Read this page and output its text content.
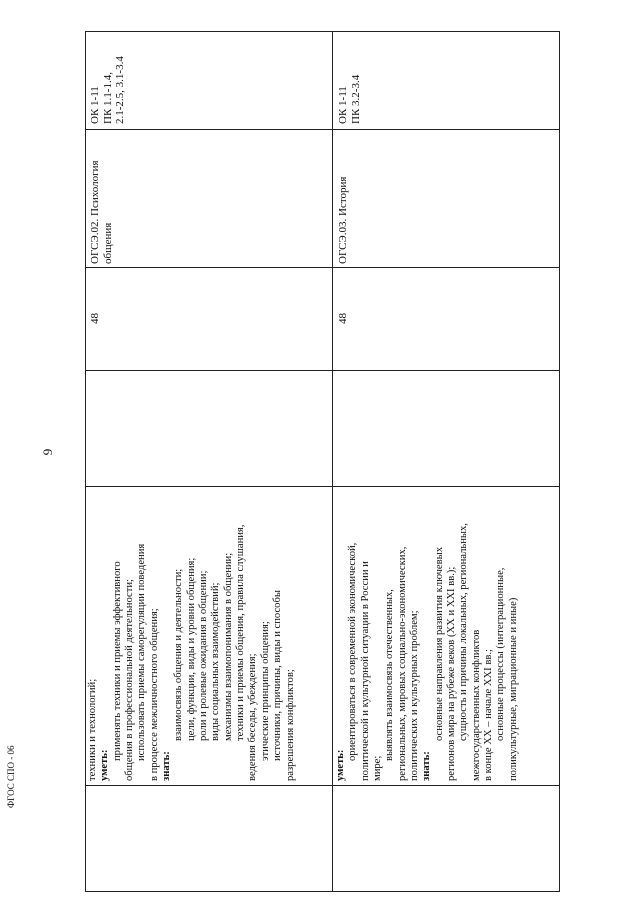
9
ФГОС СПО - 06	техники и технологий; уметь:
применять техники и приемы эффективного общения в профессиональной деятельности; использовать приемы саморегуляции поведения в процессе межличностного общения; знать:
взаимосвязь общения и деятельности; цели, функции, виды и уровни общения; роли и ролевые ожидания в общении; виды социальных взаимодействий; механизмы взаимопонимания в общении; техники и приемы общения, правила слушания, ведения беседы, убеждения; этические принципы общения; источники, причины, виды и способы разрешения конфликтов;
48
ОГСЭ.02. Психология общения
ОК 1-11 ПК 1.1-1.4, 2.1-2.5, 3.1-3.4
уметь:
ориентироваться в современной экономической, политической и культурной ситуации в России и мире;
выявлять взаимосвязь отечественных, региональных, мировых социально-экономических, политических и культурных проблем; знать:
основные направления развития ключевых регионов мира на рубеже веков (XX и XXI вв.); сущность и причины локальных, региональных, межгосударственных конфликтов в конце XX – начале XXI вв.; основные процессы (интеграционные, поликультурные, миграционные и иные)
48
ОГСЭ.03. История
ОК 1-11 ПК 3.2-3.4
